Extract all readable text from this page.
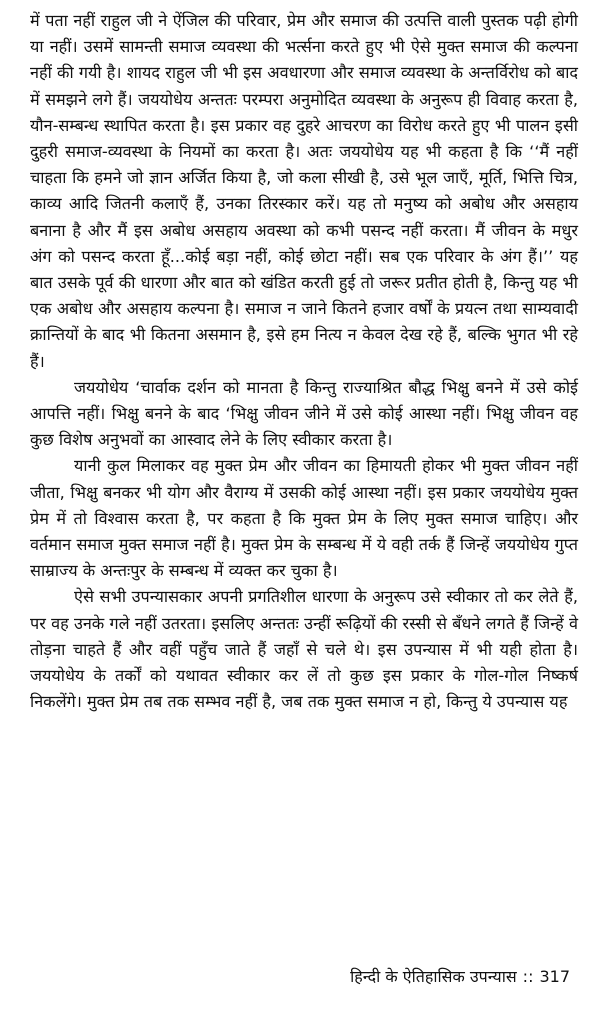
में पता नहीं राहुल जी ने ऐंजिल की परिवार, प्रेम और समाज की उत्पत्ति वाली पुस्तक पढ़ी होगी या नहीं। उसमें सामन्ती समाज व्यवस्था की भर्त्सना करते हुए भी ऐसे मुक्त समाज की कल्पना नहीं की गयी है। शायद राहुल जी भी इस अवधारणा और समाज व्यवस्था के अन्तर्विरोध को बाद में समझने लगे हैं। जययोधेय अन्ततः परम्परा अनुमोदित व्यवस्था के अनुरूप ही विवाह करता है, यौन-सम्बन्ध स्थापित करता है। इस प्रकार वह दुहरे आचरण का विरोध करते हुए भी पालन इसी दुहरी समाज-व्यवस्था के नियमों का करता है। अतः जययोधेय यह भी कहता है कि ‘‘मैं नहीं चाहता कि हमने जो ज्ञान अर्जित किया है, जो कला सीखी है, उसे भूल जाएँ, मूर्ति, भित्ति चित्र, काव्य आदि जितनी कलाएँ हैं, उनका तिरस्कार करें। यह तो मनुष्य को अबोध और असहाय बनाना है और मैं इस अबोध असहाय अवस्था को कभी पसन्द नहीं करता। मैं जीवन के मधुर अंग को पसन्द करता हूँ...कोई बड़ा नहीं, कोई छोटा नहीं। सब एक परिवार के अंग हैं।’’ यह बात उसके पूर्व की धारणा और बात को खंडित करती हुई तो जरूर प्रतीत होती है, किन्तु यह भी एक अबोध और असहाय कल्पना है। समाज न जाने कितने हजार वर्षों के प्रयत्न तथा साम्यवादी क्रान्तियों के बाद भी कितना असमान है, इसे हम नित्य न केवल देख रहे हैं, बल्कि भुगत भी रहे हैं।

जययोधेय ‘चार्वाक दर्शन को मानता है किन्तु राज्याश्रित बौद्ध भिक्षु बनने में उसे कोई आपत्ति नहीं। भिक्षु बनने के बाद ‘भिक्षु जीवन जीने में उसे कोई आस्था नहीं। भिक्षु जीवन वह कुछ विशेष अनुभवों का आस्वाद लेने के लिए स्वीकार करता है।

यानी कुल मिलाकर वह मुक्त प्रेम और जीवन का हिमायती होकर भी मुक्त जीवन नहीं जीता, भिक्षु बनकर भी योग और वैराग्य में उसकी कोई आस्था नहीं। इस प्रकार जययोधेय मुक्त प्रेम में तो विश्वास करता है, पर कहता है कि मुक्त प्रेम के लिए मुक्त समाज चाहिए। और वर्तमान समाज मुक्त समाज नहीं है। मुक्त प्रेम के सम्बन्ध में ये वही तर्क हैं जिन्हें जययोधेय गुप्त साम्राज्य के अन्तःपुर के सम्बन्ध में व्यक्त कर चुका है।

ऐसे सभी उपन्यासकार अपनी प्रगतिशील धारणा के अनुरूप उसे स्वीकार तो कर लेते हैं, पर वह उनके गले नहीं उतरता। इसलिए अन्ततः उन्हीं रूढ़ियों की रस्सी से बँधने लगते हैं जिन्हें वे तोड़ना चाहते हैं और वहीं पहुँच जाते हैं जहाँ से चले थे। इस उपन्यास में भी यही होता है। जययोधेय के तर्कों को यथावत स्वीकार कर लें तो कुछ इस प्रकार के गोल-गोल निष्कर्ष निकलेंगे। मुक्त प्रेम तब तक सम्भव नहीं है, जब तक मुक्त समाज न हो, किन्तु ये उपन्यास यह

हिन्दी के ऐतिहासिक उपन्यास :: 317
